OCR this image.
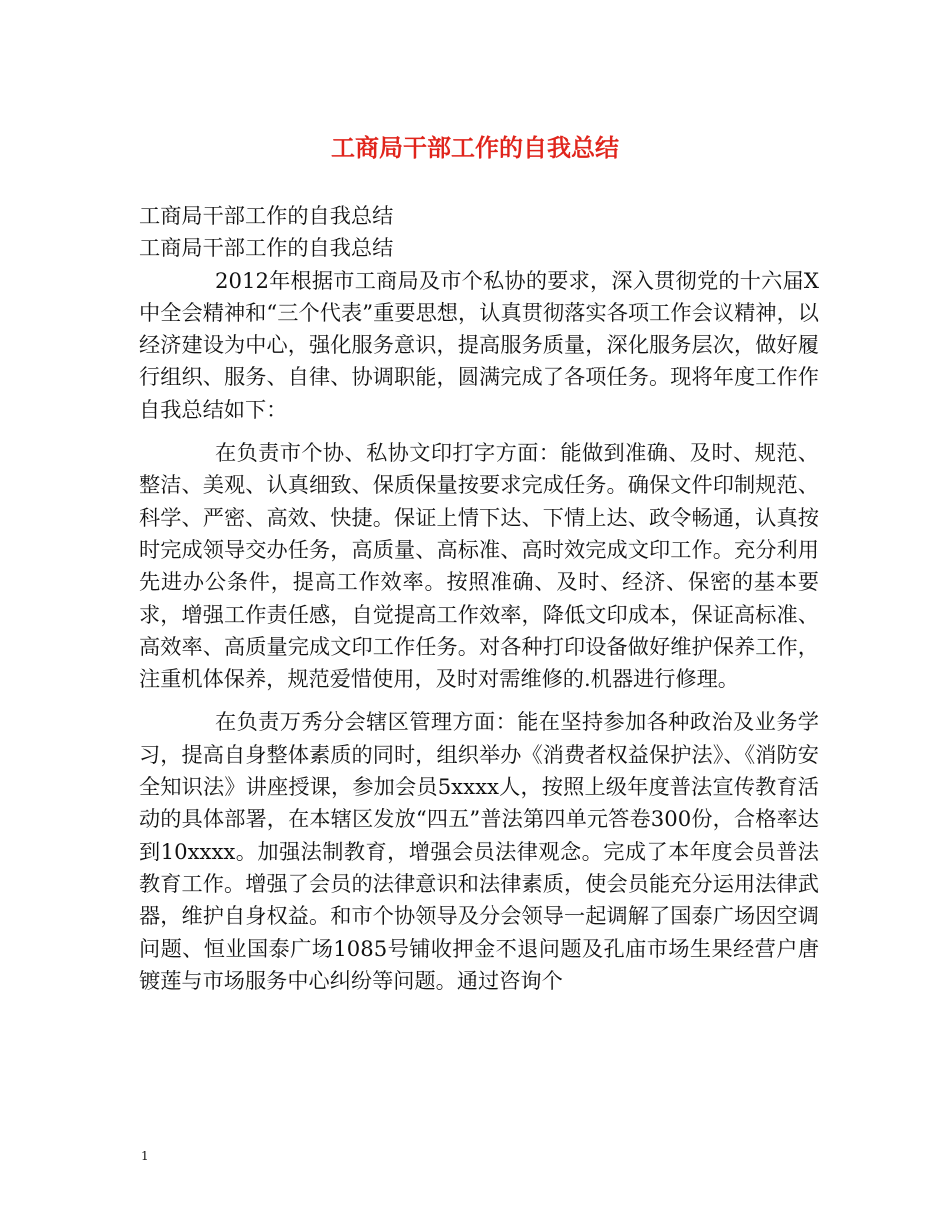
工商局干部工作的自我总结

工商局干部工作的自我总结

工商局干部工作的自我总结

2012年根据市工商局及市个私协的要求，深入贯彻党的十六届X中全会精神和“三个代表”重要思想，认真贯彻落实各项工作会议精神，以经济建设为中心，强化服务意识，提高服务质量，深化服务层次，做好履行组织、服务、自律、协调职能，圆满完成了各项任务。现将年度工作作自我总结如下：

在负责市个协、私协文印打字方面：能做到准确、及时、规范、整洁、美观、认真细致、保质保量按要求完成任务。确保文件印制规范、科学、严密、高效、快捷。保证上情下达、下情上达、政令畅通，认真按时完成领导交办任务，高质量、高标准、高时效完成文印工作。充分利用先进办公条件，提高工作效率。按照准确、及时、经济、保密的基本要求，增强工作责任感，自觉提高工作效率，降低文印成本，保证高标准、高效率、高质量完成文印工作任务。对各种打印设备做好维护保养工作，注重机体保养，规范爱惜使用，及时对需维修的.机器进行修理。

在负责万秀分会辖区管理方面：能在坚持参加各种政治及业务学习，提高自身整体素质的同时，组织举办《消费者权益保护法》、《消防安全知识法》讲座授课，参加会员5xxxx人，按照上级年度普法宣传教育活动的具体部署，在本辖区发放“四五”普法第四单元答卷300份，合格率达到10xxxx。加强法制教育，增强会员法律观念。完成了本年度会员普法教育工作。增强了会员的法律意识和法律素质，使会员能充分运用法律武器，维护自身权益。和市个协领导及分会领导一起调解了国泰广场因空调问题、恒业国泰广场1085号铺收押金不退问题及孔庙市场生果经营户唐镀莲与市场服务中心纠纷等问题。通过咨询个

1
